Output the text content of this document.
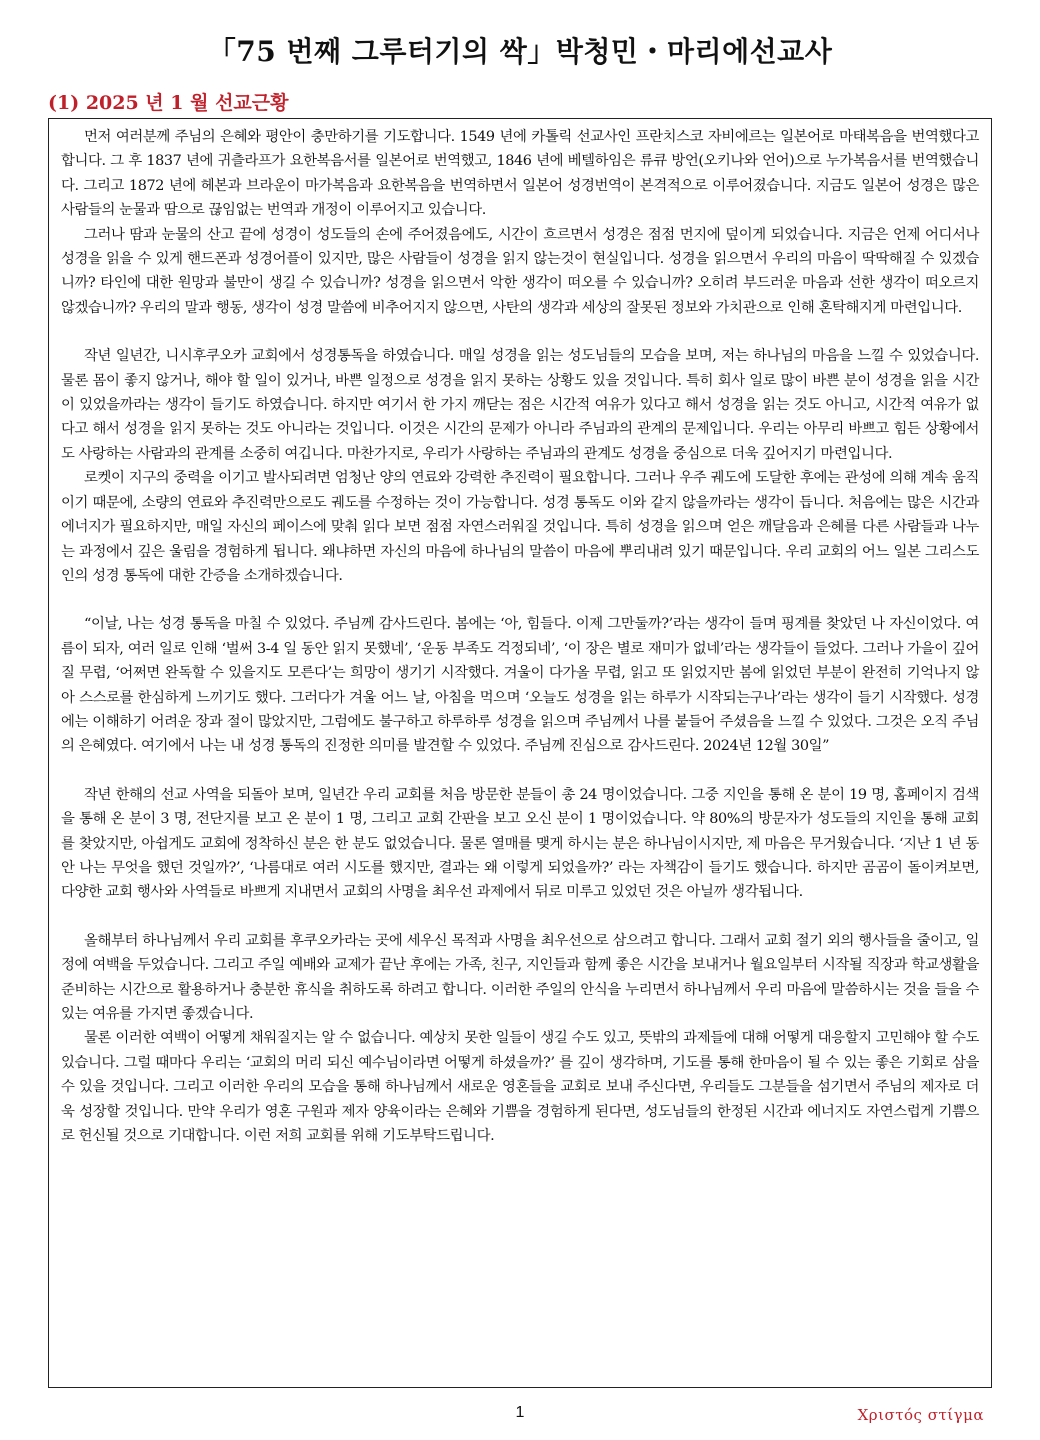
「75 번째 그루터기의 싹」박청민・마리에선교사
(1) 2025 년 1 월 선교근황

먼저 여러분께 주님의 은혜와 평안이 충만하기를 기도합니다. 1549 년에 카톨릭 선교사인 프란치스코 자비에르는 일본어로 마태복음을 번역했다고 합니다. 그 후 1837 년에 귀츨라프가 요한복음서를 일본어로 번역했고, 1846 년에 베텔하임은 류큐 방언(오키나와 언어)으로 누가복음서를 번역했습니다. 그리고 1872 년에 헤본과 브라운이 마가복음과 요한복음을 번역하면서 일본어 성경번역이 본격적으로 이루어졌습니다. 지금도 일본어 성경은 많은 사람들의 눈물과 땀으로 끊임없는 번역과 개정이 이루어지고 있습니다.

그러나 땀과 눈물의 산고 끝에 성경이 성도들의 손에 주어졌음에도, 시간이 흐르면서 성경은 점점 먼지에 덮이게 되었습니다. 지금은 언제 어디서나 성경을 읽을 수 있게 핸드폰과 성경어플이 있지만, 많은 사람들이 성경을 읽지 않는것이 현실입니다. 성경을 읽으면서 우리의 마음이 딱딱해질 수 있겠습니까? 타인에 대한 원망과 불만이 생길 수 있습니까? 성경을 읽으면서 악한 생각이 떠오를 수 있습니까? 오히려 부드러운 마음과 선한 생각이 떠오르지 않겠습니까? 우리의 말과 행동, 생각이 성경 말씀에 비추어지지 않으면, 사탄의 생각과 세상의 잘못된 정보와 가치관으로 인해 혼탁해지게 마련입니다.

작년 일년간, 니시후쿠오카 교회에서 성경통독을 하였습니다. 매일 성경을 읽는 성도님들의 모습을 보며, 저는 하나님의 마음을 느낄 수 있었습니다. 물론 몸이 좋지 않거나, 해야 할 일이 있거나, 바쁜 일정으로 성경을 읽지 못하는 상황도 있을 것입니다. 특히 회사 일로 많이 바쁜 분이 성경을 읽을 시간이 있었을까라는 생각이 들기도 하였습니다. 하지만 여기서 한 가지 깨닫는 점은 시간적 여유가 있다고 해서 성경을 읽는 것도 아니고, 시간적 여유가 없다고 해서 성경을 읽지 못하는 것도 아니라는 것입니다. 이것은 시간의 문제가 아니라 주님과의 관계의 문제입니다. 우리는 아무리 바쁘고 힘든 상황에서도 사랑하는 사람과의 관계를 소중히 여깁니다. 마찬가지로, 우리가 사랑하는 주님과의 관계도 성경을 중심으로 더욱 깊어지기 마련입니다.

로켓이 지구의 중력을 이기고 발사되려면 엄청난 양의 연료와 강력한 추진력이 필요합니다. 그러나 우주 궤도에 도달한 후에는 관성에 의해 계속 움직이기 때문에, 소량의 연료와 추진력만으로도 궤도를 수정하는 것이 가능합니다. 성경 통독도 이와 같지 않을까라는 생각이 듭니다. 처음에는 많은 시간과 에너지가 필요하지만, 매일 자신의 페이스에 맞춰 읽다 보면 점점 자연스러워질 것입니다. 특히 성경을 읽으며 얻은 깨달음과 은혜를 다른 사람들과 나누는 과정에서 깊은 울림을 경험하게 됩니다. 왜냐하면 자신의 마음에 하나님의 말씀이 마음에 뿌리내려 있기 때문입니다. 우리 교회의 어느 일본 그리스도인의 성경 통독에 대한 간증을 소개하겠습니다.

“이날, 나는 성경 통독을 마칠 수 있었다. 주님께 감사드린다. 봄에는 ‘아, 힘들다. 이제 그만둘까?’라는 생각이 들며 핑계를 찾았던 나 자신이었다. 여름이 되자, 여러 일로 인해 ‘벌써 3-4 일 동안 읽지 못했네’, ‘운동 부족도 걱정되네’, ‘이 장은 별로 재미가 없네’라는 생각들이 들었다. 그러나 가을이 깊어질 무렵, ‘어쩌면 완독할 수 있을지도 모른다’는 희망이 생기기 시작했다. 겨울이 다가올 무렵, 읽고 또 읽었지만 봄에 읽었던 부분이 완전히 기억나지 않아 스스로를 한심하게 느끼기도 했다. 그러다가 겨울 어느 날, 아침을 먹으며 ‘오늘도 성경을 읽는 하루가 시작되는구나’라는 생각이 들기 시작했다. 성경에는 이해하기 어려운 장과 절이 많았지만, 그럼에도 불구하고 하루하루 성경을 읽으며 주님께서 나를 붙들어 주셨음을 느낄 수 있었다. 그것은 오직 주님의 은혜였다. 여기에서 나는 내 성경 통독의 진정한 의미를 발견할 수 있었다. 주님께 진심으로 감사드린다. 2024년 12월 30일”

작년 한해의 선교 사역을 되돌아 보며, 일년간 우리 교회를 처음 방문한 분들이 총 24 명이었습니다. 그중 지인을 통해 온 분이 19 명, 홈페이지 검색을 통해 온 분이 3 명, 전단지를 보고 온 분이 1 명, 그리고 교회 간판을 보고 오신 분이 1 명이었습니다. 약 80%의 방문자가 성도들의 지인을 통해 교회를 찾았지만, 아쉽게도 교회에 정착하신 분은 한 분도 없었습니다. 물론 열매를 맺게 하시는 분은 하나님이시지만, 제 마음은 무거웠습니다. ‘지난 1 년 동안 나는 무엇을 했던 것일까?’, ‘나름대로 여러 시도를 했지만, 결과는 왜 이렇게 되었을까?’ 라는 자책감이 들기도 했습니다. 하지만 곰곰이 돌이켜보면, 다양한 교회 행사와 사역들로 바쁘게 지내면서 교회의 사명을 최우선 과제에서 뒤로 미루고 있었던 것은 아닐까 생각됩니다.

올해부터 하나님께서 우리 교회를 후쿠오카라는 곳에 세우신 목적과 사명을 최우선으로 삼으려고 합니다. 그래서 교회 절기 외의 행사들을 줄이고, 일정에 여백을 두었습니다. 그리고 주일 예배와 교제가 끝난 후에는 가족, 친구, 지인들과 함께 좋은 시간을 보내거나 월요일부터 시작될 직장과 학교생활을 준비하는 시간으로 활용하거나 충분한 휴식을 취하도록 하려고 합니다. 이러한 주일의 안식을 누리면서 하나님께서 우리 마음에 말씀하시는 것을 들을 수 있는 여유를 가지면 좋겠습니다.

물론 이러한 여백이 어떻게 채워질지는 알 수 없습니다. 예상치 못한 일들이 생길 수도 있고, 뜻밖의 과제들에 대해 어떻게 대응할지 고민해야 할 수도 있습니다. 그럴 때마다 우리는 ‘교회의 머리 되신 예수님이라면 어떻게 하셨을까?’ 를 깊이 생각하며, 기도를 통해 한마음이 될 수 있는 좋은 기회로 삼을 수 있을 것입니다. 그리고 이러한 우리의 모습을 통해 하나님께서 새로운 영혼들을 교회로 보내 주신다면, 우리들도 그분들을 섬기면서 주님의 제자로 더욱 성장할 것입니다. 만약 우리가 영혼 구원과 제자 양육이라는 은혜와 기쁨을 경험하게 된다면, 성도님들의 한정된 시간과 에너지도 자연스럽게 기쁨으로 헌신될 것으로 기대합니다. 이런 저희 교회를 위해 기도부탁드립니다.

1	Χριστός στίγμα
